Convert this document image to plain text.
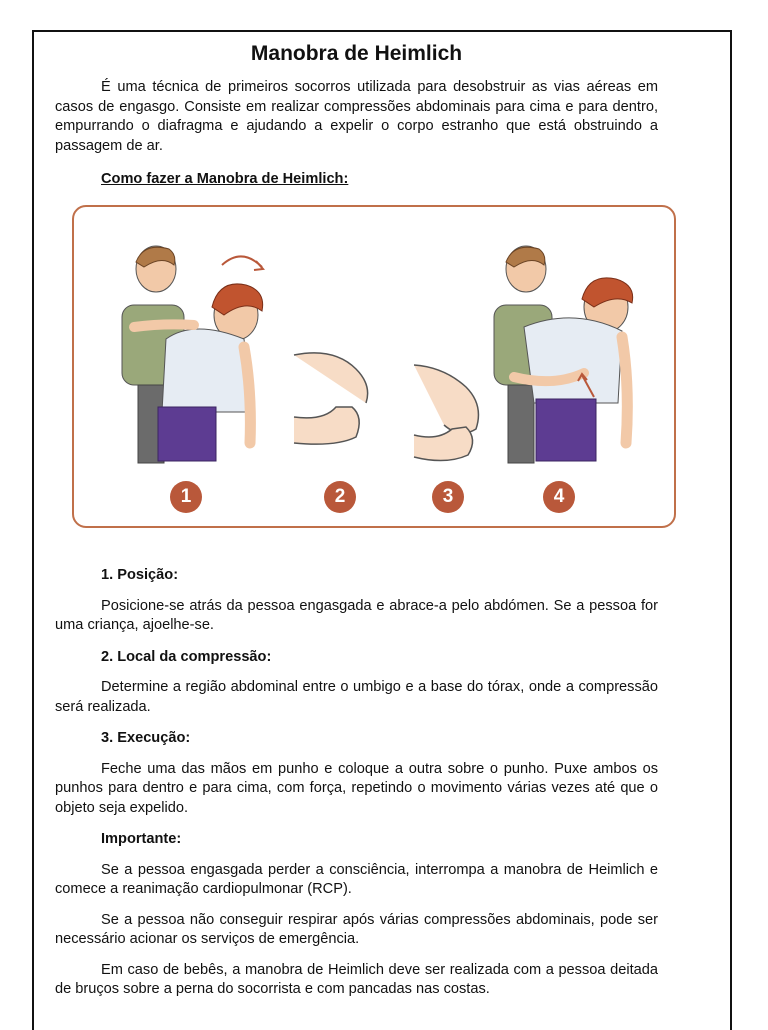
Manobra de Heimlich

É uma técnica de primeiros socorros utilizada para desobstruir as vias aéreas em casos de engasgo. Consiste em realizar compressões abdominais para cima e para dentro, empurrando o diafragma e ajudando a expelir o corpo estranho que está obstruindo a passagem de ar.

Como fazer a Manobra de Heimlich:

1	2	3	4

1. Posição:

Posicione-se atrás da pessoa engasgada e abrace-a pelo abdómen. Se a pessoa for uma criança, ajoelhe-se.

2. Local da compressão:

Determine a região abdominal entre o umbigo e a base do tórax, onde a compressão será realizada.

3. Execução:

Feche uma das mãos em punho e coloque a outra sobre o punho. Puxe ambos os punhos para dentro e para cima, com força, repetindo o movimento várias vezes até que o objeto seja expelido.

Importante:

Se a pessoa engasgada perder a consciência, interrompa a manobra de Heimlich e comece a reanimação cardiopulmonar (RCP).

Se a pessoa não conseguir respirar após várias compressões abdominais, pode ser necessário acionar os serviços de emergência.

Em caso de bebês, a manobra de Heimlich deve ser realizada com a pessoa deitada de bruços sobre a perna do socorrista e com pancadas nas costas.
